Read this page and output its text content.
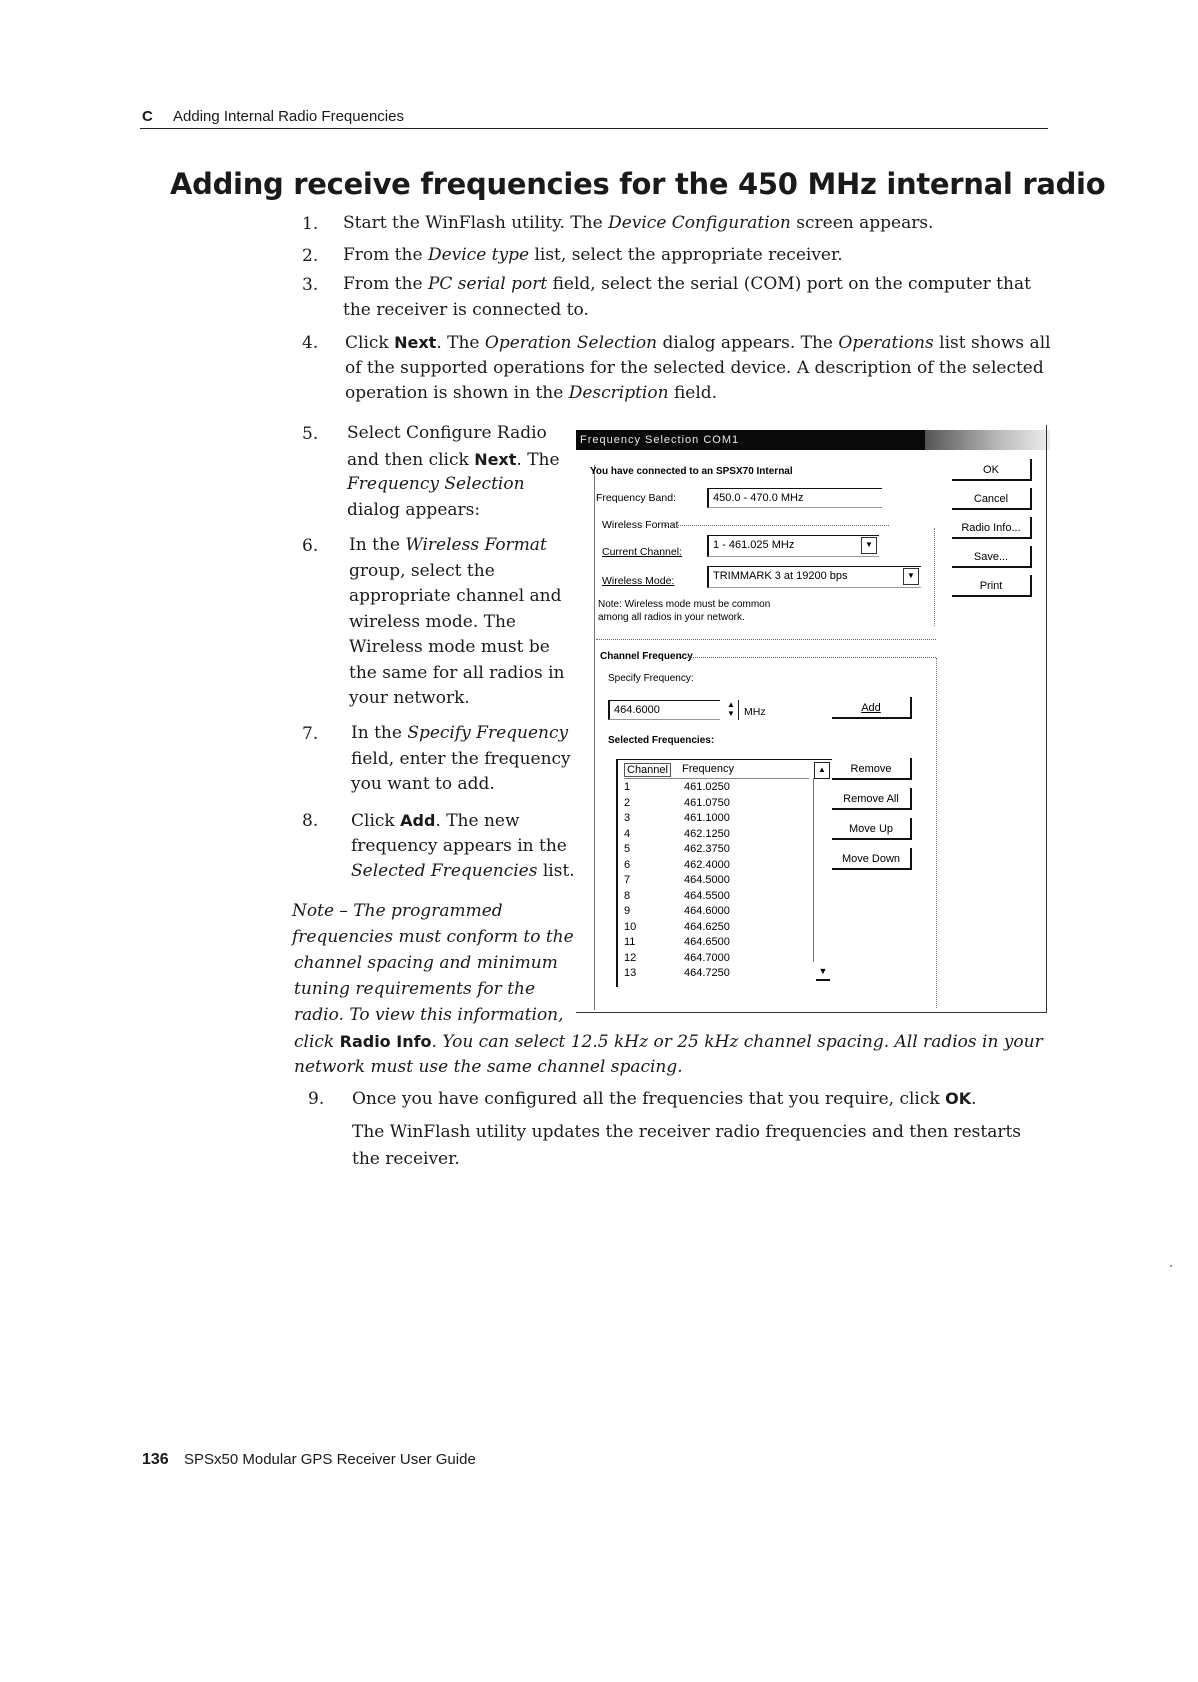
C Adding Internal Radio Frequencies
Adding receive frequencies for the 450 MHz internal radio
1. Start the WinFlash utility. The Device Configuration screen appears.
2. From the Device type list, select the appropriate receiver.
3. From the PC serial port field, select the serial (COM) port on the computer that
the receiver is connected to.
4. Click Next. The Operation Selection dialog appears. The Operations list shows all
of the supported operations for the selected device. A description of the selected
operation is shown in the Description field.
5. Select Configure Radio
and then click Next. The
Frequency Selection
dialog appears:
6. In the Wireless Format
group, select the
appropriate channel and
wireless mode. The
Wireless mode must be
the same for all radios in
your network.
7. In the Specify Frequency
field, enter the frequency
you want to add.
8. Click Add. The new
frequency appears in the
Selected Frequencies list.
9. Once you have configured all the frequencies that you require, click OK.
Note – The programmed
frequencies must conform to the
channel spacing and minimum
tuning requirements for the
radio. To view this information,
click Radio Info. You can select 12.5 kHz or 25 kHz channel spacing. All radios in your
network must use the same channel spacing.
The WinFlash utility updates the receiver radio frequencies and then restarts
the receiver.
Frequency Selection COM1
You have connected to an SPSX70 Internal
Frequency Band:	450.0 - 470.0 MHz
Wireless Format
Current Channel:
1 - 461.025 MHz	▼
Wireless Mode:	TRIMMARK 3 at 19200 bps	▼
Note: Wireless mode must be common
among all radios in your network.
Channel Frequency
Specify Frequency:
464.6000	▲
▼ MHz	Add
Selected Frequencies:
Channel Frequency
1	461.0250
2	461.0750
3	461.1000
4	462.1250
5	462.3750
6	462.4000
7	464.5000
8	464.5500
9	464.6000
10	464.6250
11	464.6500
12	464.7000
13	464.7250
▲
▼
Remove
Remove All
Move Up
Move Down
OK
Cancel
Radio Info...
Save...
Print
136 SPSx50 Modular GPS Receiver User Guide
